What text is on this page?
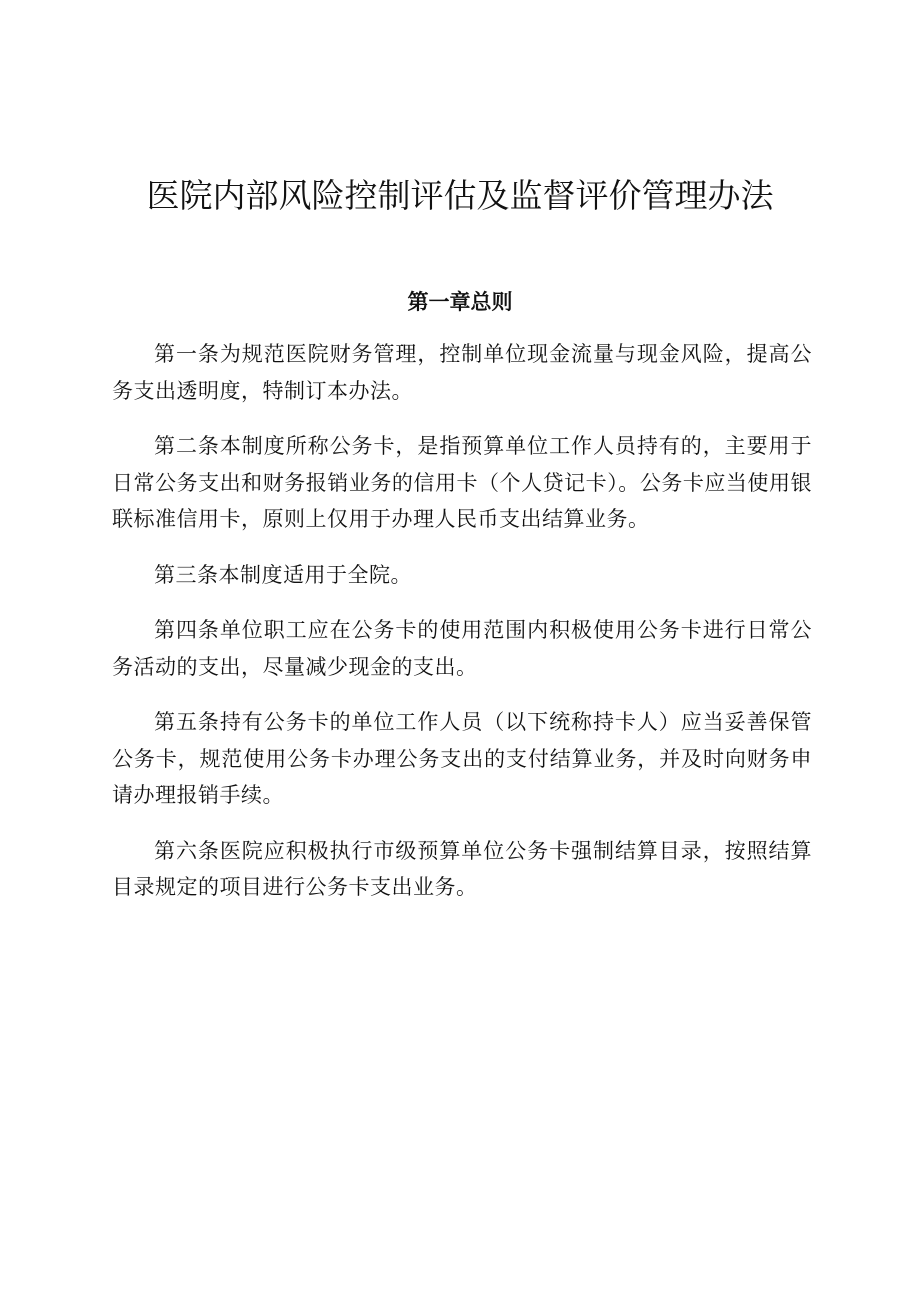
医院内部风险控制评估及监督评价管理办法
第一章总则

第一条为规范医院财务管理，控制单位现金流量与现金风险，提高公务支出透明度，特制订本办法。

第二条本制度所称公务卡，是指预算单位工作人员持有的，主要用于日常公务支出和财务报销业务的信用卡（个人贷记卡）。公务卡应当使用银联标准信用卡，原则上仅用于办理人民币支出结算业务。

第三条本制度适用于全院。

第四条单位职工应在公务卡的使用范围内积极使用公务卡进行日常公务活动的支出，尽量减少现金的支出。

第五条持有公务卡的单位工作人员（以下统称持卡人）应当妥善保管公务卡，规范使用公务卡办理公务支出的支付结算业务，并及时向财务申请办理报销手续。

第六条医院应积极执行市级预算单位公务卡强制结算目录，按照结算目录规定的项目进行公务卡支出业务。
